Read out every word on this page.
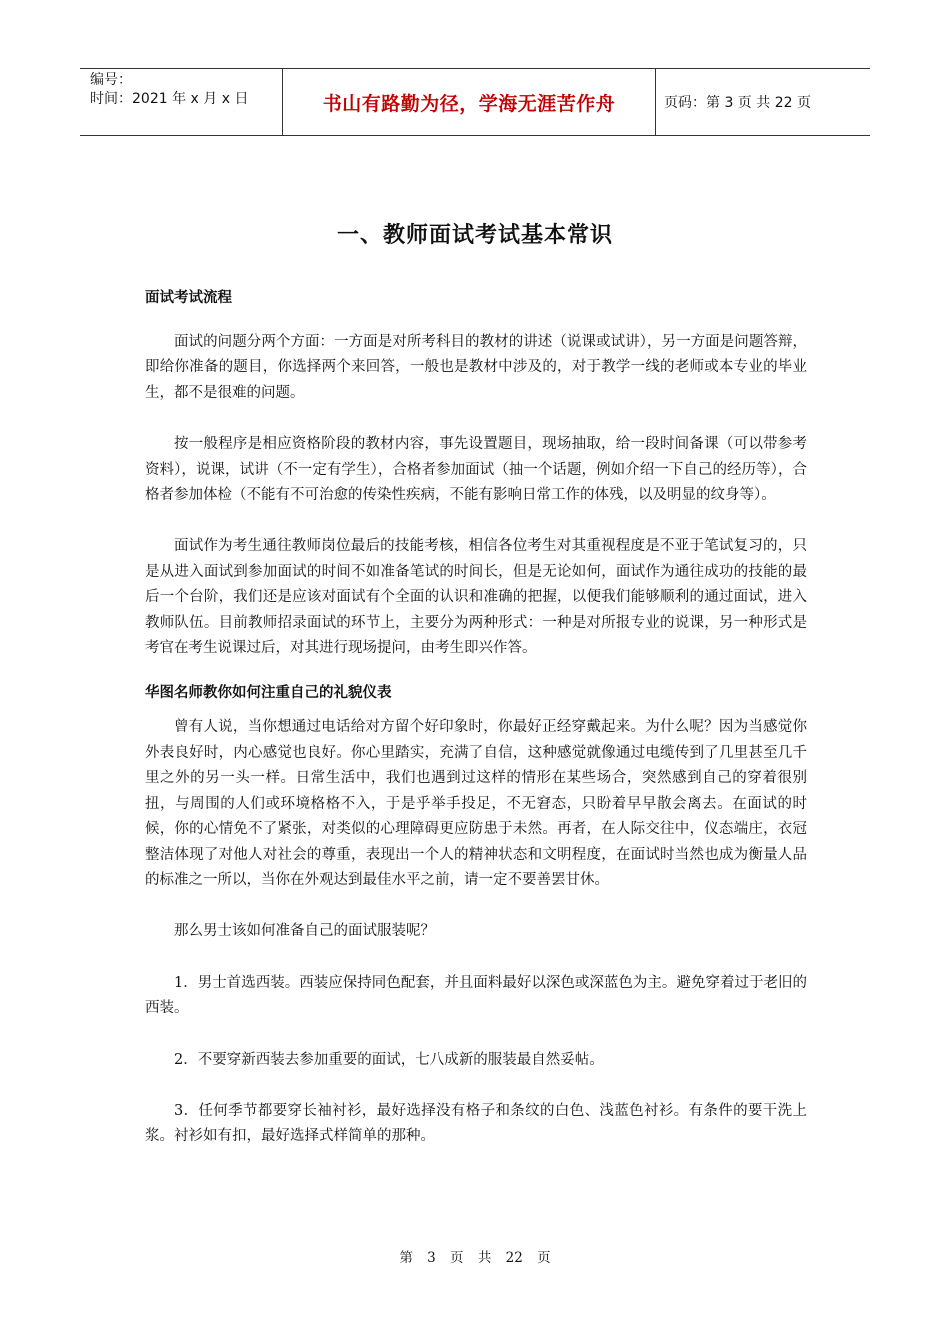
编号：
时间：2021 年 x 月 x 日	书山有路勤为径，学海无涯苦作舟	页码：第 3 页 共 22 页
一、教师面试考试基本常识

面试考试流程

面试的问题分两个方面：一方面是对所考科目的教材的讲述（说课或试讲），另一方面是问题答辩，即给你准备的题目，你选择两个来回答，一般也是教材中涉及的，对于教学一线的老师或本专业的毕业生，都不是很难的问题。

按一般程序是相应资格阶段的教材内容，事先设置题目，现场抽取，给一段时间备课（可以带参考资料），说课，试讲（不一定有学生），合格者参加面试（抽一个话题，例如介绍一下自己的经历等），合格者参加体检（不能有不可治愈的传染性疾病，不能有影响日常工作的体残，以及明显的纹身等）。

面试作为考生通往教师岗位最后的技能考核，相信各位考生对其重视程度是不亚于笔试复习的，只是从进入面试到参加面试的时间不如准备笔试的时间长，但是无论如何，面试作为通往成功的技能的最后一个台阶，我们还是应该对面试有个全面的认识和准确的把握，以便我们能够顺利的通过面试，进入教师队伍。目前教师招录面试的环节上，主要分为两种形式：一种是对所报专业的说课，另一种形式是考官在考生说课过后，对其进行现场提问，由考生即兴作答。

华图名师教你如何注重自己的礼貌仪表

曾有人说，当你想通过电话给对方留个好印象时，你最好正经穿戴起来。为什么呢？因为当感觉你外表良好时，内心感觉也良好。你心里踏实，充满了自信，这种感觉就像通过电缆传到了几里甚至几千里之外的另一头一样。日常生活中，我们也遇到过这样的情形在某些场合，突然感到自己的穿着很别扭，与周围的人们或环境格格不入，于是乎举手投足，不无窘态，只盼着早早散会离去。在面试的时候，你的心情免不了紧张，对类似的心理障碍更应防患于未然。再者，在人际交往中，仪态端庄，衣冠整洁体现了对他人对社会的尊重，表现出一个人的精神状态和文明程度，在面试时当然也成为衡量人品的标准之一所以，当你在外观达到最佳水平之前，请一定不要善罢甘休。

那么男士该如何准备自己的面试服装呢？

1．男士首选西装。西装应保持同色配套，并且面料最好以深色或深蓝色为主。避免穿着过于老旧的西装。

2．不要穿新西装去参加重要的面试，七八成新的服装最自然妥帖。

3．任何季节都要穿长袖衬衫，最好选择没有格子和条纹的白色、浅蓝色衬衫。有条件的要干洗上浆。衬衫如有扣，最好选择式样简单的那种。

第 3 页 共 22 页
